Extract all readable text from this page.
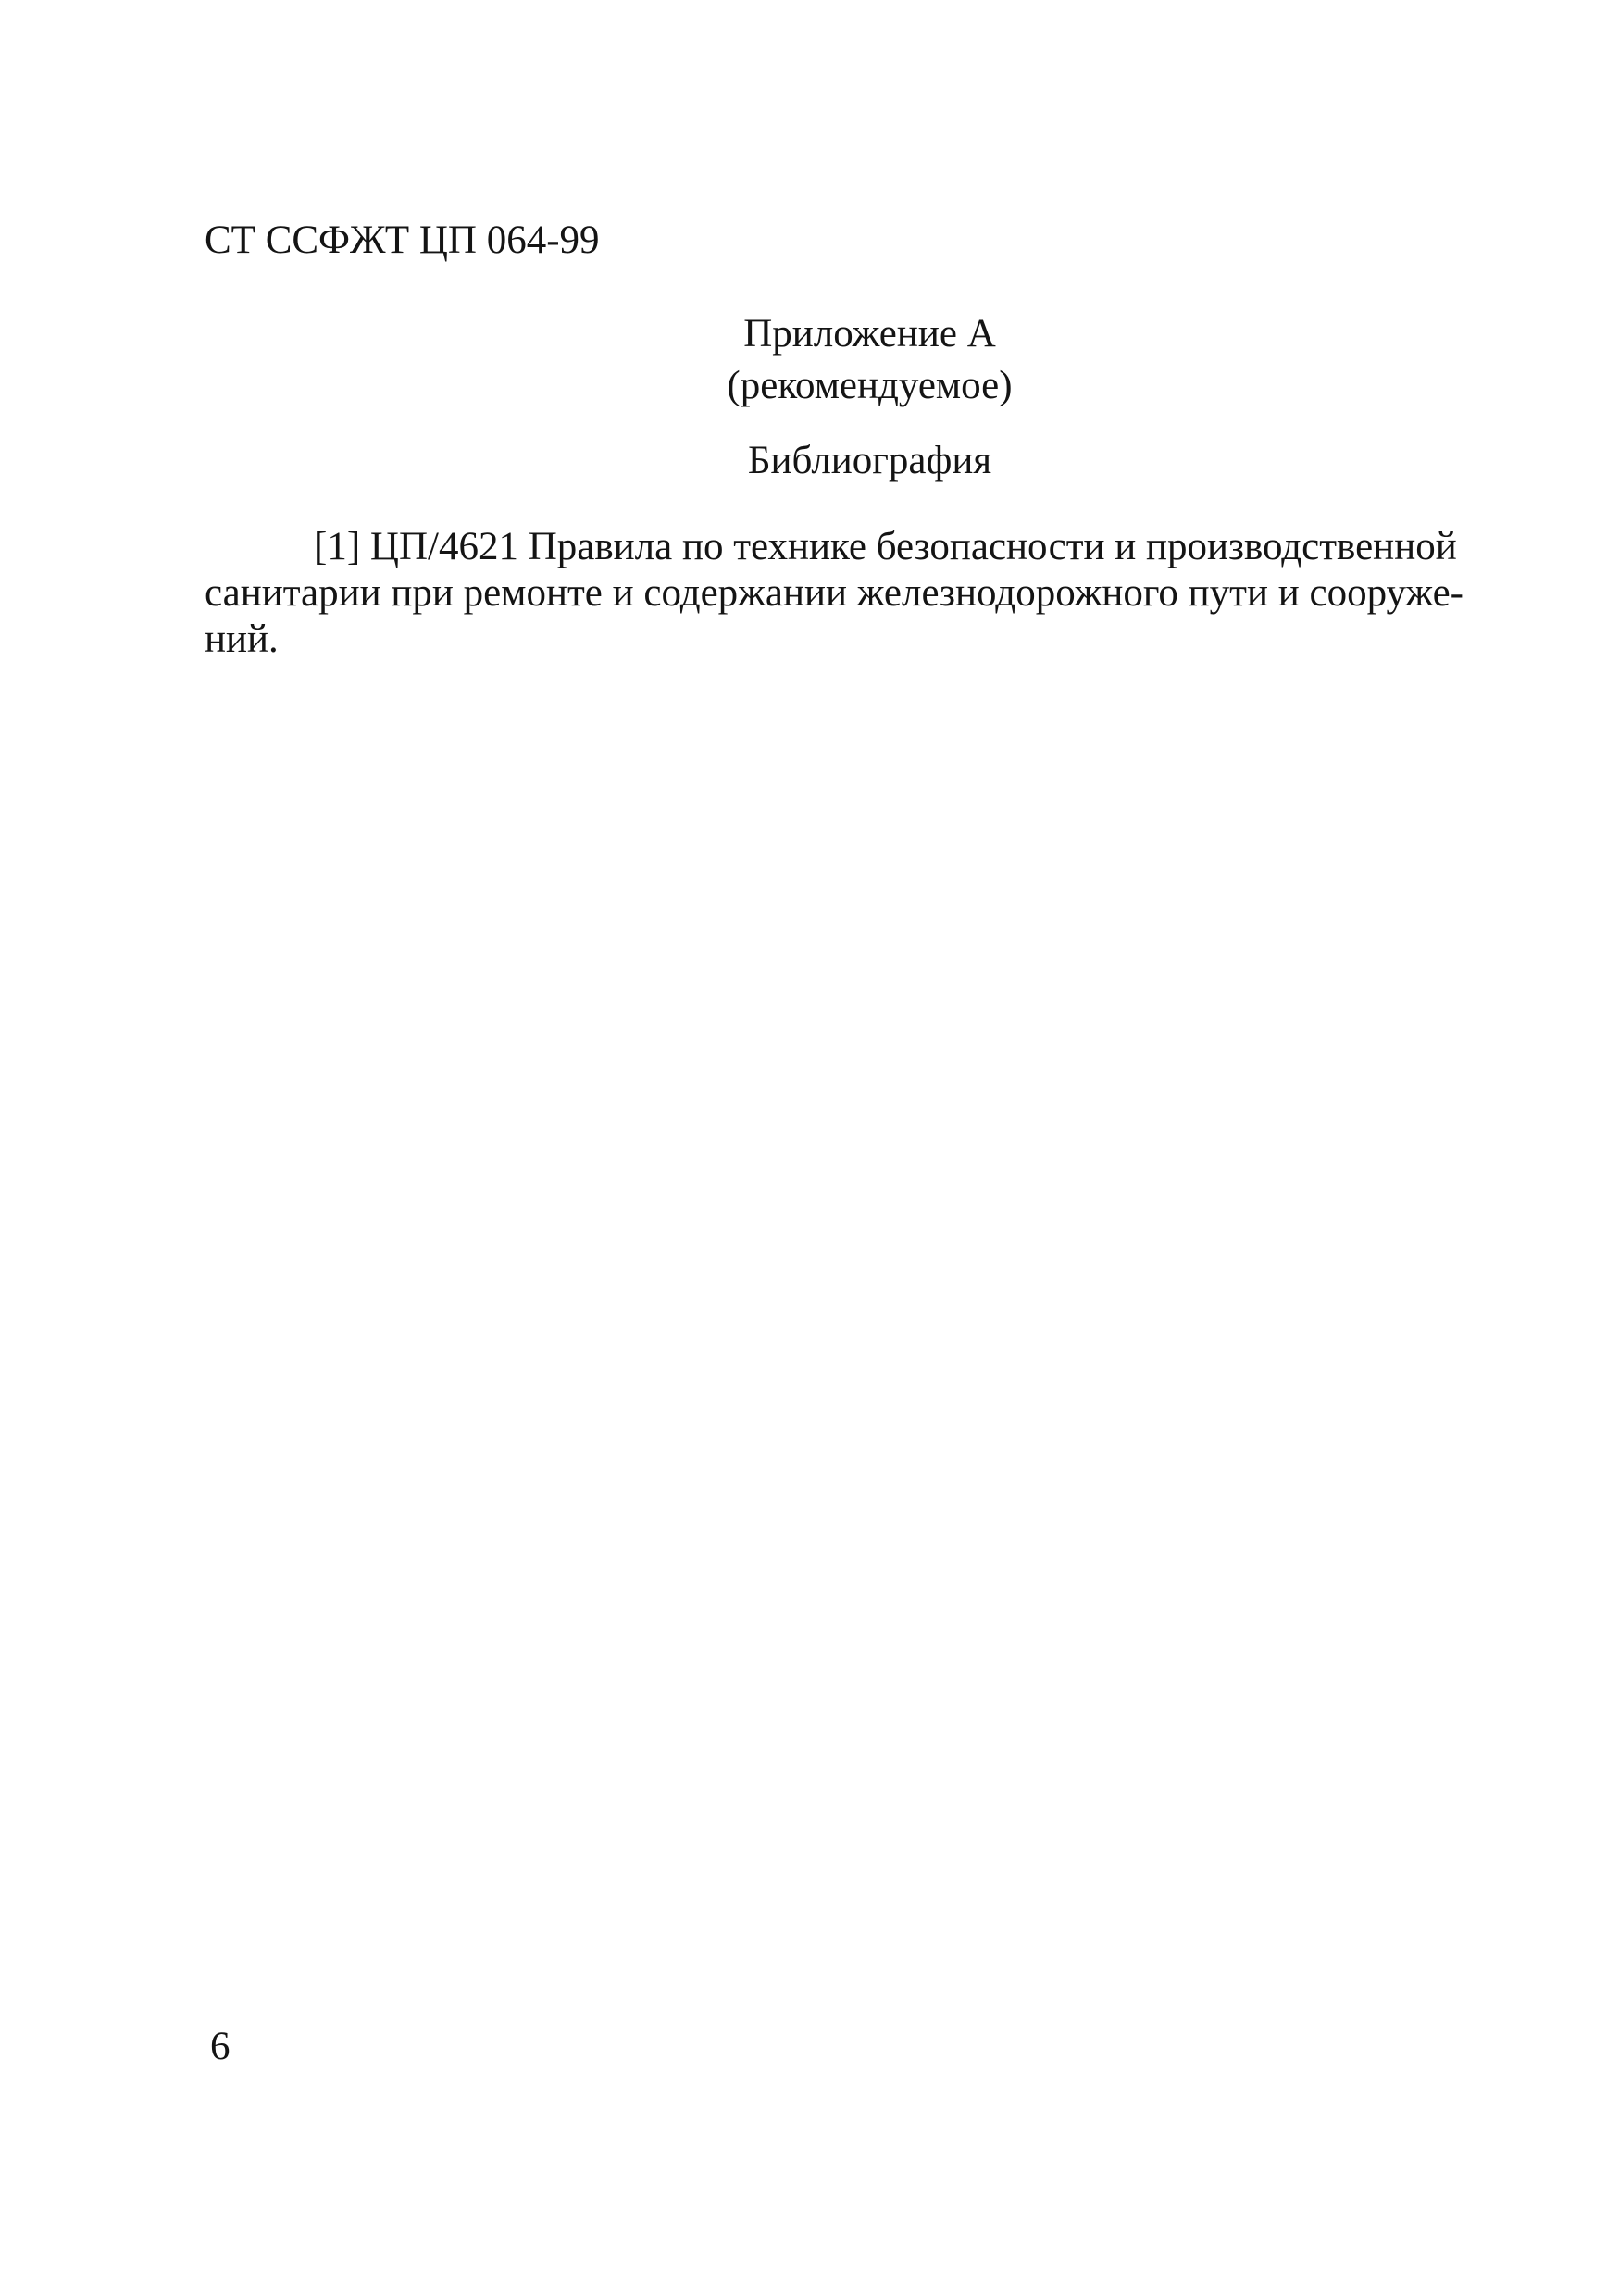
СТ ССФЖТ ЦП 064-99
Приложение А
(рекомендуемое)
Библиография
[1] ЦП/4621 Правила по технике безопасности и производственной
санитарии при ремонте и содержании железнодорожного пути и сооруже-
ний.
6
